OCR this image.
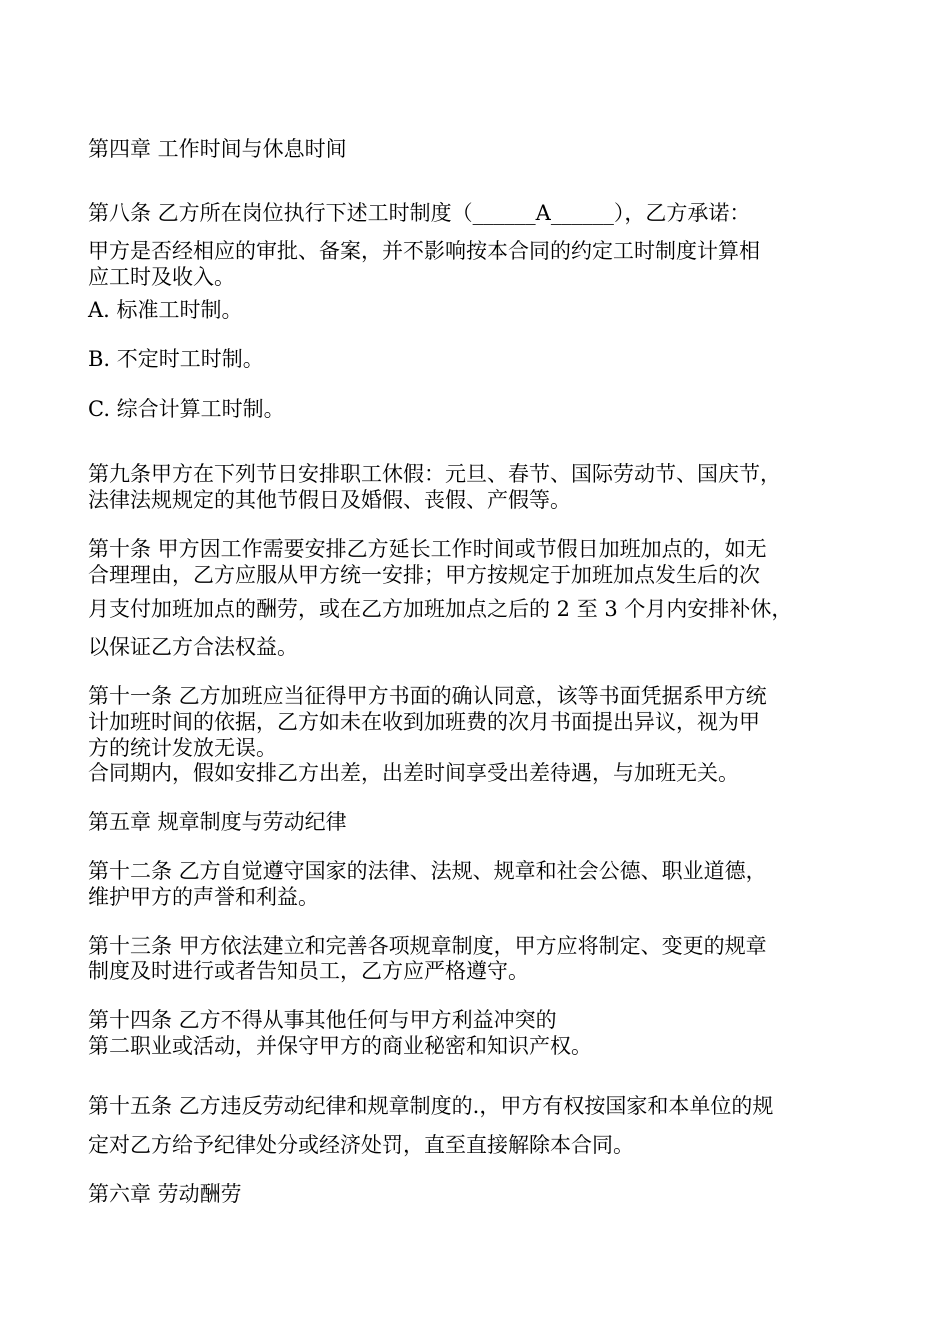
第四章 工作时间与休息时间
第八条 乙方所在岗位执行下述工时制度（______A______），乙方承诺：
甲方是否经相应的审批、备案，并不影响按本合同的约定工时制度计算相
应工时及收入。
A. 标准工时制。
B. 不定时工时制。
C. 综合计算工时制。
第九条甲方在下列节日安排职工休假：元旦、春节、国际劳动节、国庆节，
法律法规规定的其他节假日及婚假、丧假、产假等。
第十条 甲方因工作需要安排乙方延长工作时间或节假日加班加点的，如无
合理理由，乙方应服从甲方统一安排；甲方按规定于加班加点发生后的次
月支付加班加点的酬劳，或在乙方加班加点之后的 2 至 3 个月内安排补休，
以保证乙方合法权益。
第十一条 乙方加班应当征得甲方书面的确认同意，该等书面凭据系甲方统
计加班时间的依据，乙方如未在收到加班费的次月书面提出异议，视为甲
方的统计发放无误。
合同期内，假如安排乙方出差，出差时间享受出差待遇，与加班无关。
第五章 规章制度与劳动纪律
第十二条 乙方自觉遵守国家的法律、法规、规章和社会公德、职业道德，
维护甲方的声誉和利益。
第十三条 甲方依法建立和完善各项规章制度，甲方应将制定、变更的规章
制度及时进行或者告知员工，乙方应严格遵守。
第十四条 乙方不得从事其他任何与甲方利益冲突的
第二职业或活动，并保守甲方的商业秘密和知识产权。
第十五条 乙方违反劳动纪律和规章制度的.，甲方有权按国家和本单位的规
定对乙方给予纪律处分或经济处罚，直至直接解除本合同。
第六章 劳动酬劳
